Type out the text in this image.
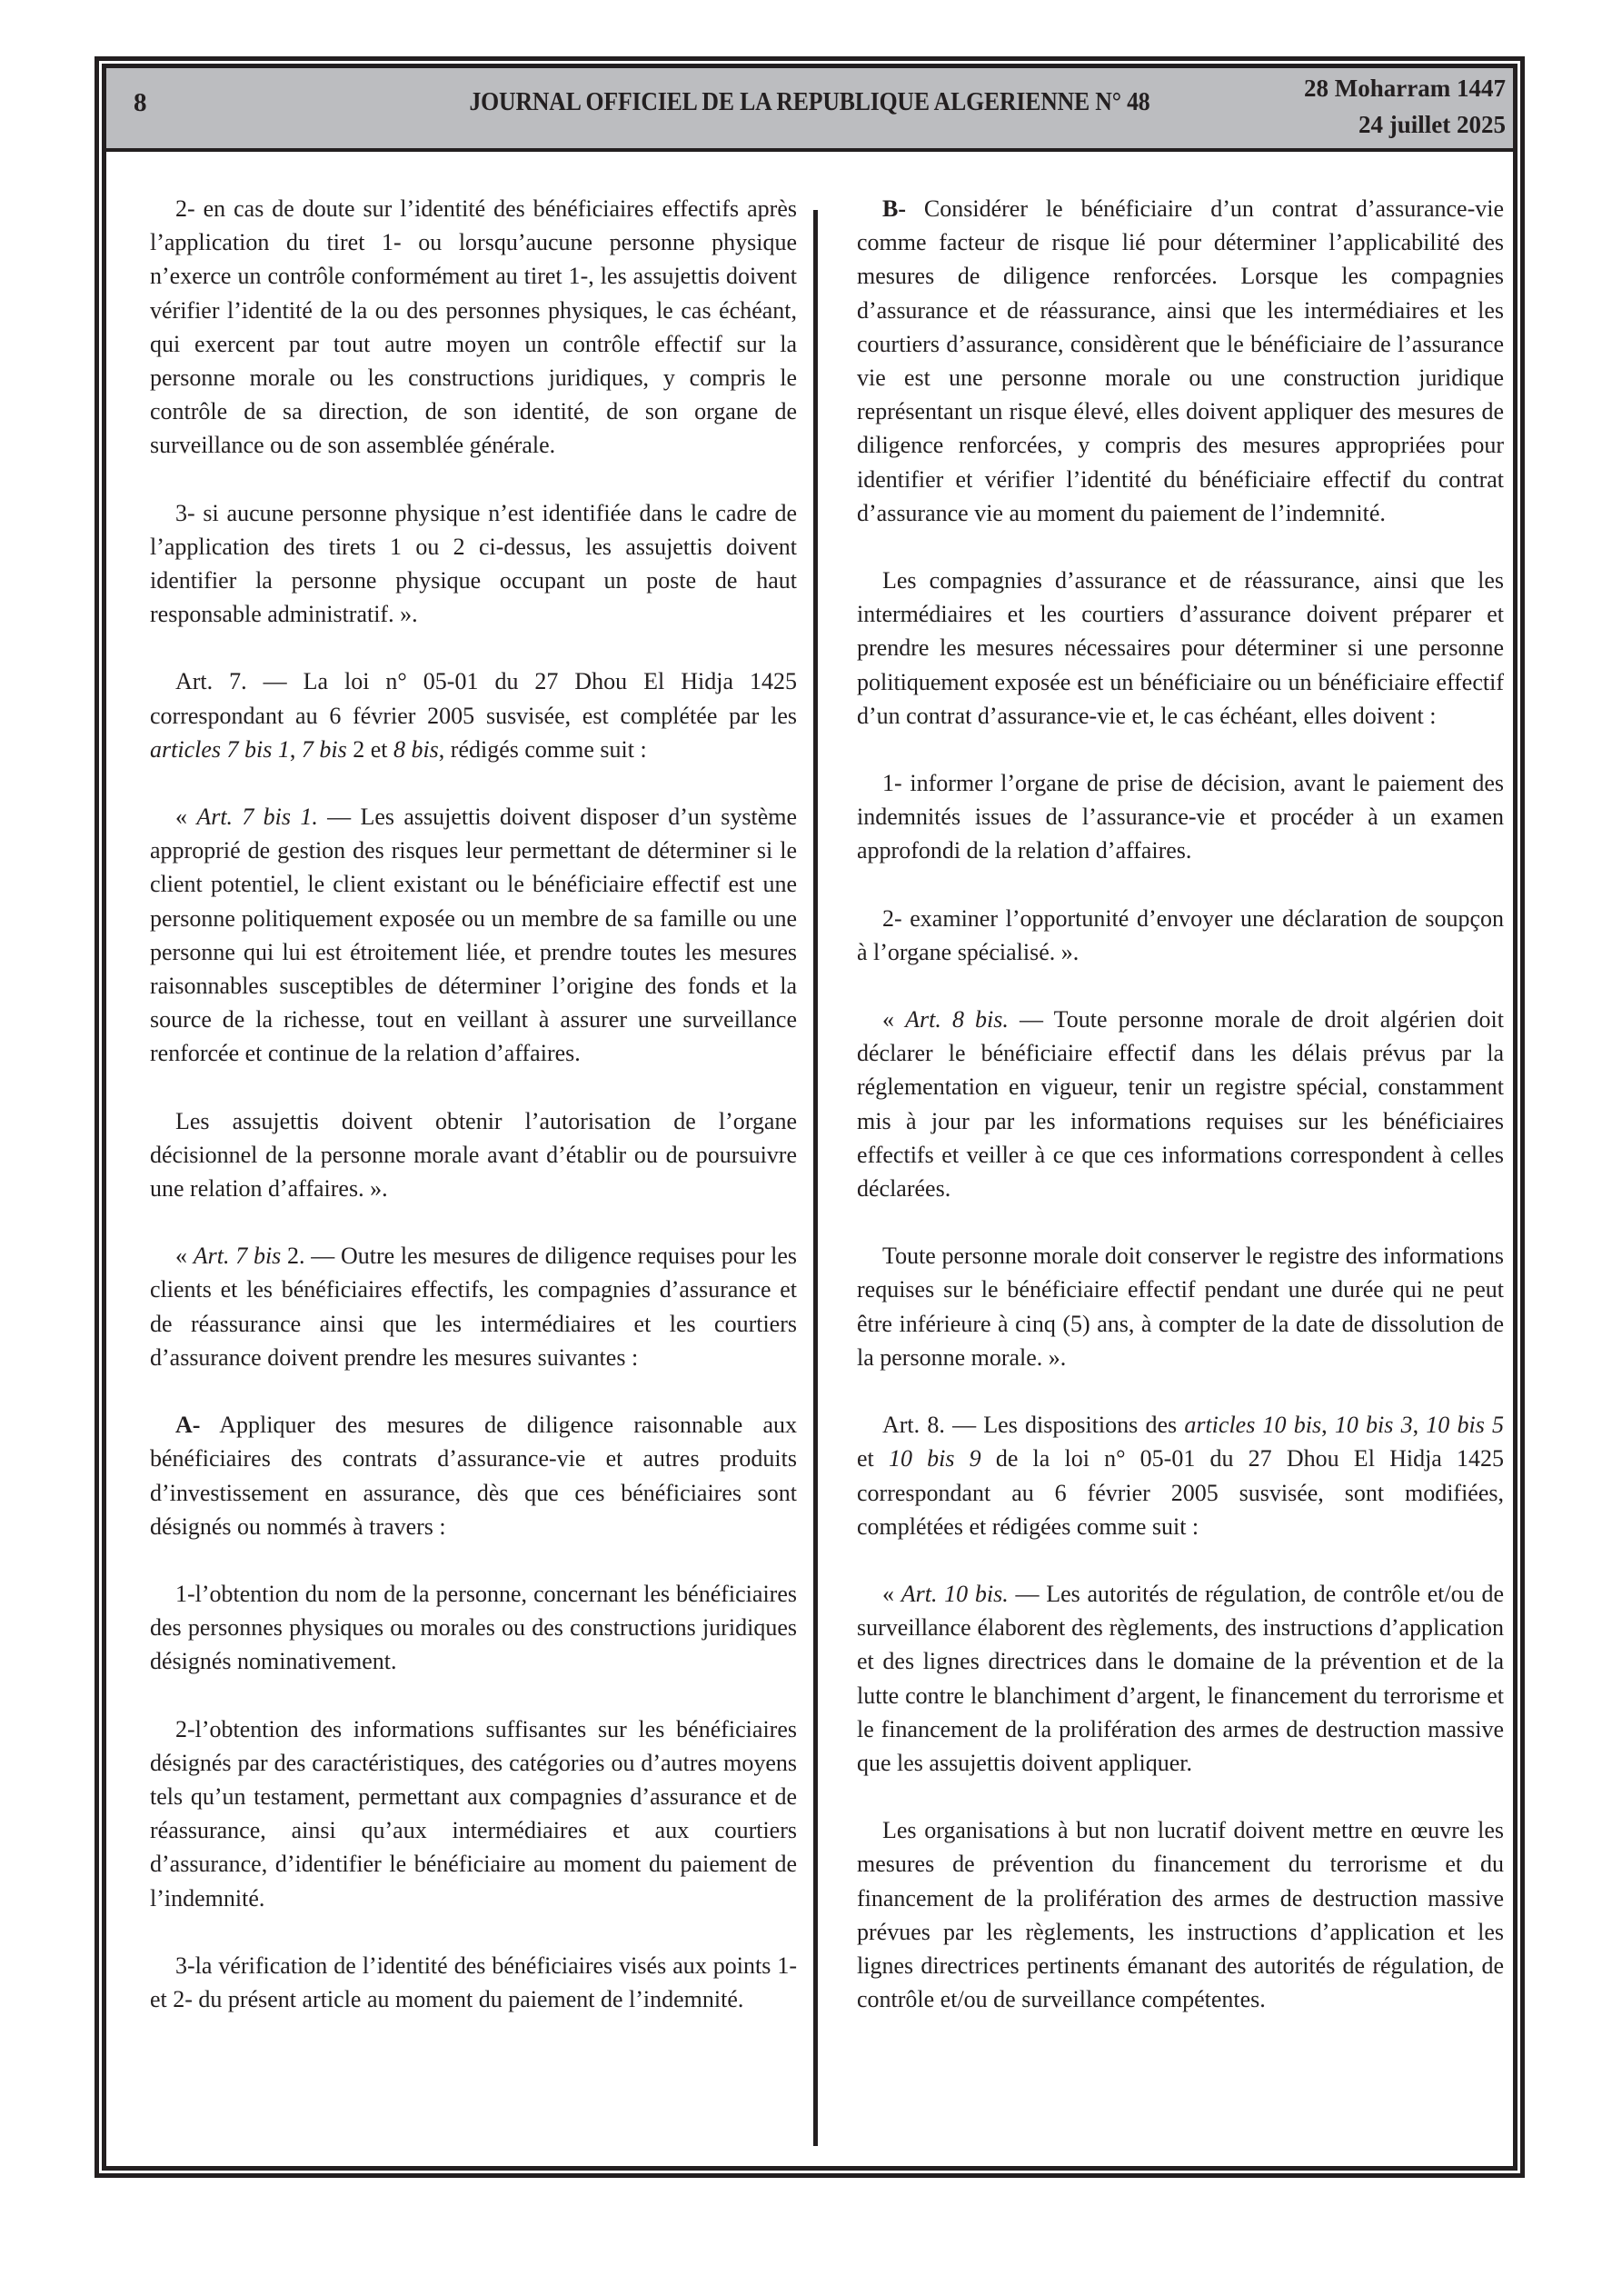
8	JOURNAL OFFICIEL DE LA REPUBLIQUE ALGERIENNE N° 48	28 Moharram 1447
24 juillet 2025

2- en cas de doute sur l’identité des bénéficiaires effectifs après l’application du tiret 1- ou lorsqu’aucune personne physique n’exerce un contrôle conformément au tiret 1-, les assujettis doivent vérifier l’identité de la ou des personnes physiques, le cas échéant, qui exercent par tout autre moyen un contrôle effectif sur la personne morale ou les constructions juridiques, y compris le contrôle de sa direction, de son identité, de son organe de surveillance ou de son assemblée générale.

3- si aucune personne physique n’est identifiée dans le cadre de l’application des tirets 1 ou 2 ci-dessus, les assujettis doivent identifier la personne physique occupant un poste de haut responsable administratif. ».

Art. 7. — La loi n° 05-01 du 27 Dhou El Hidja 1425 correspondant au 6 février 2005 susvisée, est complétée par les articles 7 bis 1, 7 bis 2 et 8 bis, rédigés comme suit :

« Art. 7 bis 1. — Les assujettis doivent disposer d’un système approprié de gestion des risques leur permettant de déterminer si le client potentiel, le client existant ou le bénéficiaire effectif est une personne politiquement exposée ou un membre de sa famille ou une personne qui lui est étroitement liée, et prendre toutes les mesures raisonnables susceptibles de déterminer l’origine des fonds et la source de la richesse, tout en veillant à assurer une surveillance renforcée et continue de la relation d’affaires.

Les assujettis doivent obtenir l’autorisation de l’organe décisionnel de la personne morale avant d’établir ou de poursuivre une relation d’affaires. ».

« Art. 7 bis 2. — Outre les mesures de diligence requises pour les clients et les bénéficiaires effectifs, les compagnies d’assurance et de réassurance ainsi que les intermédiaires et les courtiers d’assurance doivent prendre les mesures suivantes :

A- Appliquer des mesures de diligence raisonnable aux bénéficiaires des contrats d’assurance-vie et autres produits d’investissement en assurance, dès que ces bénéficiaires sont désignés ou nommés à travers :

1-l’obtention du nom de la personne, concernant les bénéficiaires des personnes physiques ou morales ou des constructions juridiques désignés nominativement.

2-l’obtention des informations suffisantes sur les bénéficiaires désignés par des caractéristiques, des catégories ou d’autres moyens tels qu’un testament, permettant aux compagnies d’assurance et de réassurance, ainsi qu’aux intermédiaires et aux courtiers d’assurance, d’identifier le bénéficiaire au moment du paiement de l’indemnité.

3-la vérification de l’identité des bénéficiaires visés aux points 1- et 2- du présent article au moment du paiement de l’indemnité.

B- Considérer le bénéficiaire d’un contrat d’assurance-vie comme facteur de risque lié pour déterminer l’applicabilité des mesures de diligence renforcées. Lorsque les compagnies d’assurance et de réassurance, ainsi que les intermédiaires et les courtiers d’assurance, considèrent que le bénéficiaire de l’assurance vie est une personne morale ou une construction juridique représentant un risque élevé, elles doivent appliquer des mesures de diligence renforcées, y compris des mesures appropriées pour identifier et vérifier l’identité du bénéficiaire effectif du contrat d’assurance vie au moment du paiement de l’indemnité.

Les compagnies d’assurance et de réassurance, ainsi que les intermédiaires et les courtiers d’assurance doivent préparer et prendre les mesures nécessaires pour déterminer si une personne politiquement exposée est un bénéficiaire ou un bénéficiaire effectif d’un contrat d’assurance-vie et, le cas échéant, elles doivent :

1- informer l’organe de prise de décision, avant le paiement des indemnités issues de l’assurance-vie et procéder à un examen approfondi de la relation d’affaires.

2- examiner l’opportunité d’envoyer une déclaration de soupçon à l’organe spécialisé. ».

« Art. 8 bis. — Toute personne morale de droit algérien doit déclarer le bénéficiaire effectif dans les délais prévus par la réglementation en vigueur, tenir un registre spécial, constamment mis à jour par les informations requises sur les bénéficiaires effectifs et veiller à ce que ces informations correspondent à celles déclarées.

Toute personne morale doit conserver le registre des informations requises sur le bénéficiaire effectif pendant une durée qui ne peut être inférieure à cinq (5) ans, à compter de la date de dissolution de la personne morale. ».

Art. 8. — Les dispositions des articles 10 bis, 10 bis 3, 10 bis 5 et 10 bis 9 de la loi n° 05-01 du 27 Dhou El Hidja 1425 correspondant au 6 février 2005 susvisée, sont modifiées, complétées et rédigées comme suit :

« Art. 10 bis. — Les autorités de régulation, de contrôle et/ou de surveillance élaborent des règlements, des instructions d’application et des lignes directrices dans le domaine de la prévention et de la lutte contre le blanchiment d’argent, le financement du terrorisme et le financement de la prolifération des armes de destruction massive que les assujettis doivent appliquer.

Les organisations à but non lucratif doivent mettre en œuvre les mesures de prévention du financement du terrorisme et du financement de la prolifération des armes de destruction massive prévues par les règlements, les instructions d’application et les lignes directrices pertinents émanant des autorités de régulation, de contrôle et/ou de surveillance compétentes.
